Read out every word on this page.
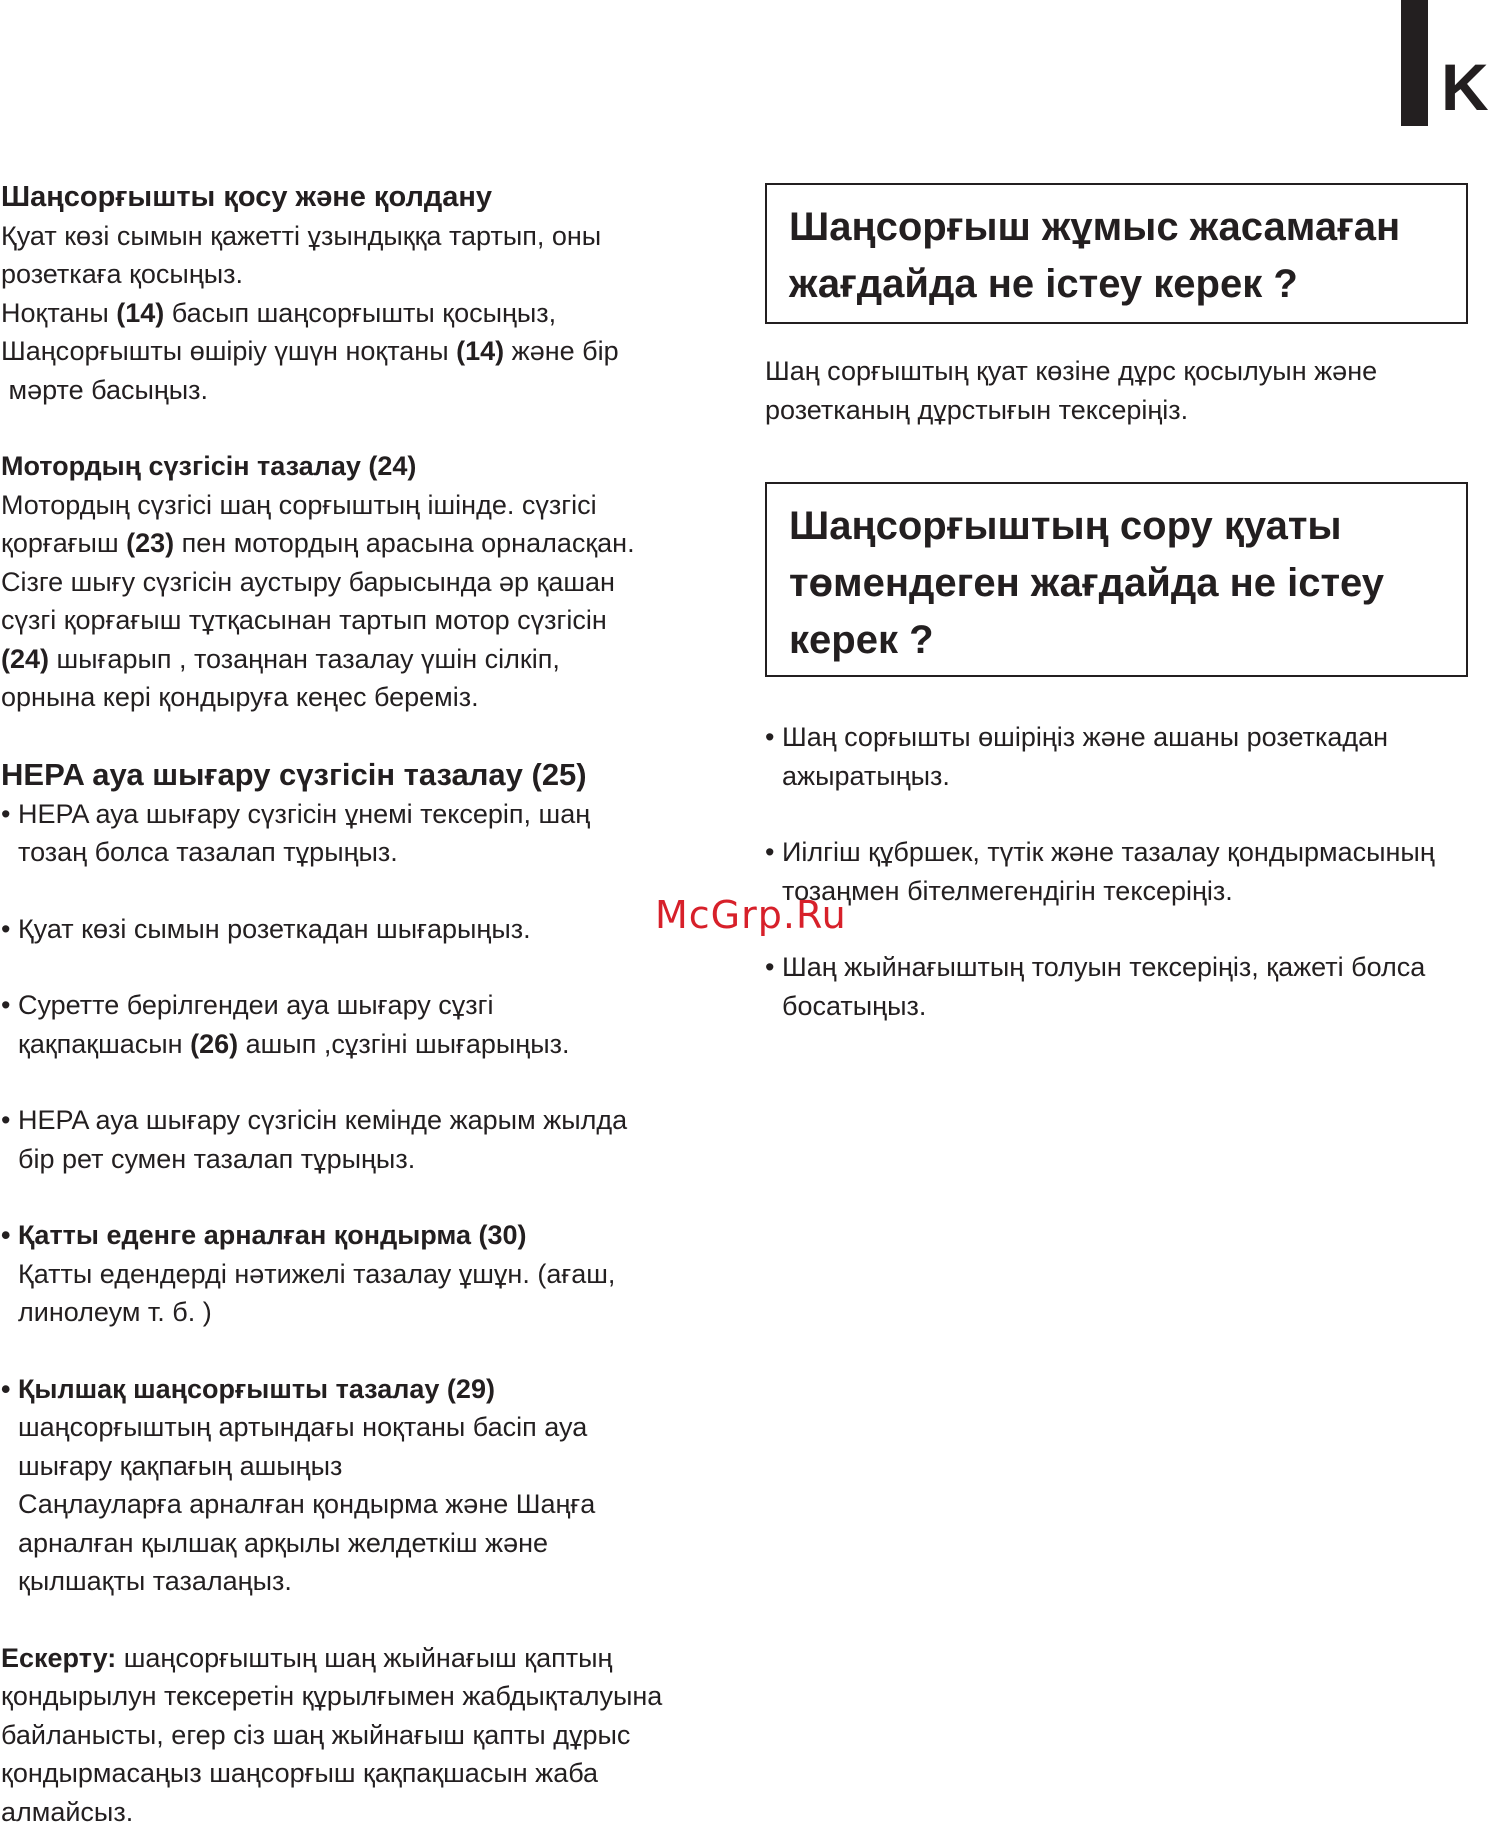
K

Шаңсорғышты қосу және қолдану

Қуат көзі сымын қажетті ұзындыққа тартып, оны

розеткаға қосыңыз.

Ноқтаны (14) басып шаңсорғышты қосыңыз,

Шаңсорғышты өшіріу үшүн ноқтаны (14) және бір

мәрте басыңыз.

Мотордың сүзгісін тазалау (24)

Мотордың сүзгісі шаң сорғыштың ішінде. сүзгісі

қорғағыш (23) пен мотордың арасына орналасқан.

Сізге шығу сүзгісін аустыру барысында әр қашан

сүзгі қорғағыш тұтқасынан тартып мотор сүзгісін

(24) шығарып , тозаңнан тазалау үшін сілкіп,

орнына кері қондыруға кеңес береміз.

HEPA ауа шығару сүзгісін тазалау (25)

• HEPA ауа шығару сүзгісін ұнемі тексеріп, шаң

тозаң болса тазалап тұрыңыз.

• Қуат көзі сымын розеткадан шығарыңыз.

• Суретте берілгендеи ауа шығару сұзгі

қақпақшасын (26) ашып ,сұзгіні шығарыңыз.

• HEPA ауа шығару сүзгісін кемінде жарым жылда

бір рет сумен тазалап тұрыңыз.

• Қатты еденге арналған қондырма (30)

Қатты едендерді нәтижелі тазалау ұшұн. (ағаш,

линолеум т. б. )

• Қылшақ шаңсорғышты тазалау (29)

шаңсорғыштың артындағы ноқтаны басіп ауа

шығару қақпағың ашыңыз

Саңлауларға арналған қондырма және Шаңға

арналған қылшақ арқылы желдеткіш және

қылшақты тазалаңыз.

Ескерту: шаңсорғыштың шаң жыйнағыш қаптың

қондырылун тексеретін құрылғымен жабдықталуына

байланысты, егер сіз шаң жыйнағыш қапты дұрыс

қондырмасаңыз шаңсорғыш қақпақшасын жаба

алмайсыз.

Шаңсорғыш жұмыс жасамаған
жағдайда не істеу керек ?

Шаң сорғыштың қуат көзіне дұрс қосылуын және

розетканың дұрстығын тексеріңіз.

Шаңсорғыштың сору қуаты
төмендеген жағдайда не істеу
керек ?

• Шаң сорғышты өшіріңіз және ашаны розеткадан

ажыратыңыз.

• Иілгіш құбршек, түтік және тазалау қондырмасының

тозаңмен бітелмегендігін тексеріңіз.

• Шаң жыйнағыштың толуын тексеріңіз, қажеті болса

босатыңыз.

McGrp.Ru
